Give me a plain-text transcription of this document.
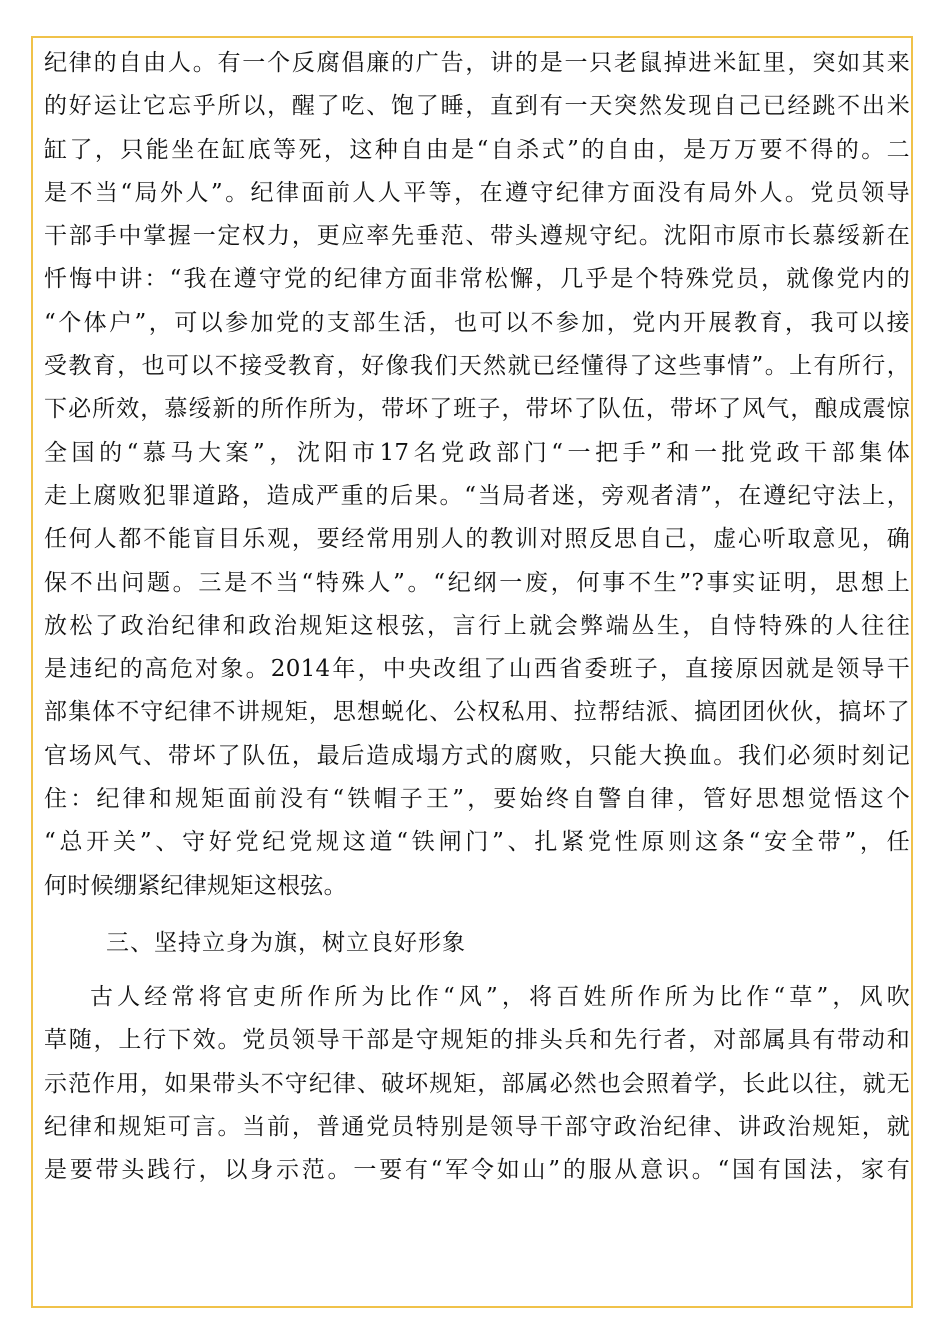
纪律的自由人。有一个反腐倡廉的广告，讲的是一只老鼠掉进米缸里，突如其来
的好运让它忘乎所以，醒了吃、饱了睡，直到有一天突然发现自己已经跳不出米
缸了，只能坐在缸底等死，这种自由是“自杀式”的自由，是万万要不得的。二
是不当“局外人”。纪律面前人人平等，在遵守纪律方面没有局外人。党员领导
干部手中掌握一定权力，更应率先垂范、带头遵规守纪。沈阳市原市长慕绥新在
忏悔中讲：“我在遵守党的纪律方面非常松懈，几乎是个特殊党员，就像党内的
“个体户”，可以参加党的支部生活，也可以不参加，党内开展教育，我可以接
受教育，也可以不接受教育，好像我们天然就已经懂得了这些事情”。上有所行，
下必所效，慕绥新的所作所为，带坏了班子，带坏了队伍，带坏了风气，酿成震惊
全国的“慕马大案”，沈阳市17名党政部门“一把手”和一批党政干部集体
走上腐败犯罪道路，造成严重的后果。“当局者迷，旁观者清”，在遵纪守法上，
任何人都不能盲目乐观，要经常用别人的教训对照反思自己，虚心听取意见，确
保不出问题。三是不当“特殊人”。“纪纲一废，何事不生”?事实证明，思想上
放松了政治纪律和政治规矩这根弦，言行上就会弊端丛生，自恃特殊的人往往
是违纪的高危对象。2014年，中央改组了山西省委班子，直接原因就是领导干
部集体不守纪律不讲规矩，思想蜕化、公权私用、拉帮结派、搞团团伙伙，搞坏了
官场风气、带坏了队伍，最后造成塌方式的腐败，只能大换血。我们必须时刻记
住：纪律和规矩面前没有“铁帽子王”，要始终自警自律，管好思想觉悟这个
“总开关”、守好党纪党规这道“铁闸门”、扎紧党性原则这条“安全带”，任
何时候绷紧纪律规矩这根弦。
三、坚持立身为旗，树立良好形象
古人经常将官吏所作所为比作“风”，将百姓所作所为比作“草”，风吹
草随，上行下效。党员领导干部是守规矩的排头兵和先行者，对部属具有带动和
示范作用，如果带头不守纪律、破坏规矩，部属必然也会照着学，长此以往，就无
纪律和规矩可言。当前，普通党员特别是领导干部守政治纪律、讲政治规矩，就
是要带头践行，以身示范。一要有“军令如山”的服从意识。“国有国法，家有
